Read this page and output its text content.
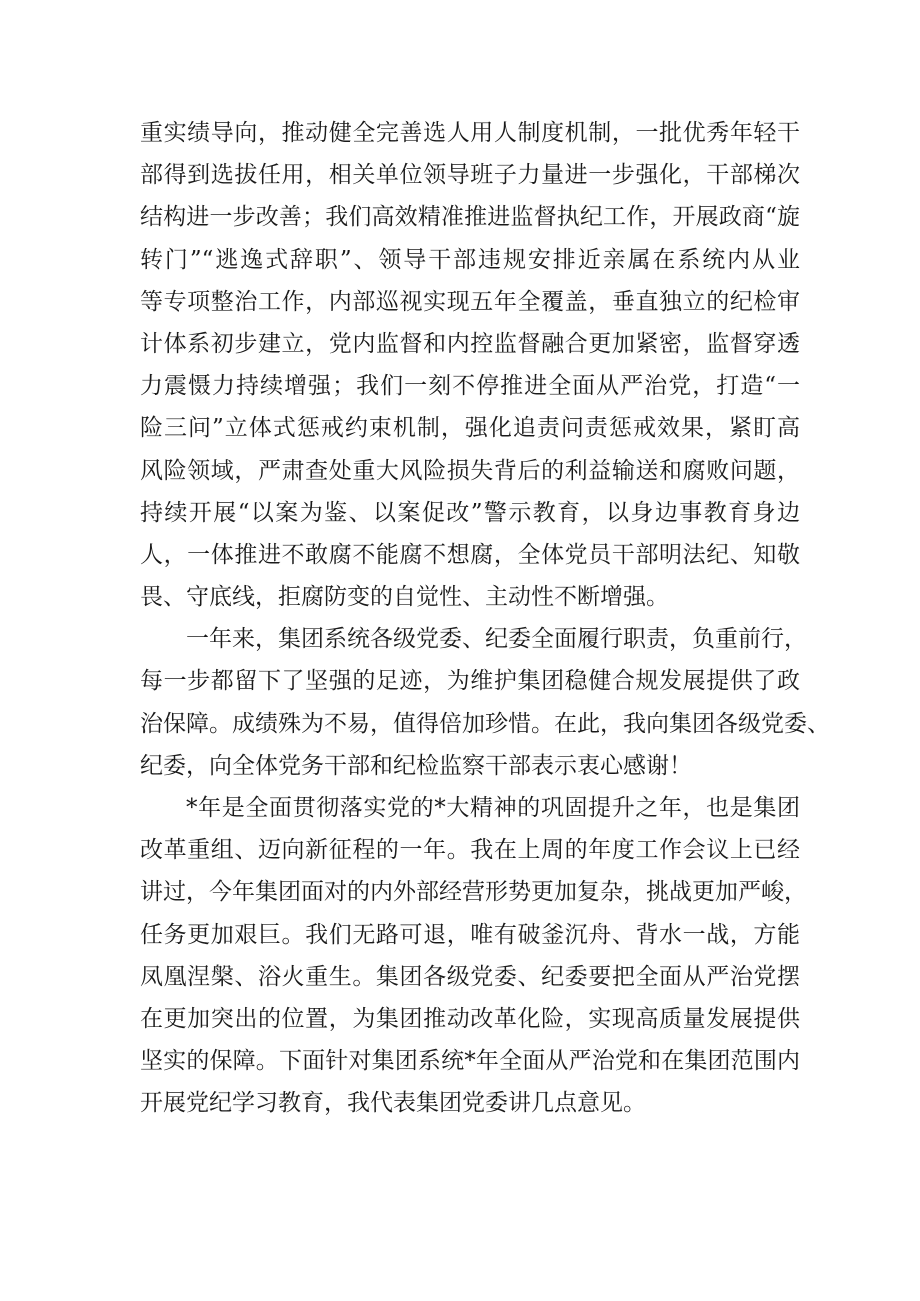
重实绩导向，推动健全完善选人用人制度机制，一批优秀年轻干
部得到选拔任用，相关单位领导班子力量进一步强化，干部梯次
结构进一步改善；我们高效精准推进监督执纪工作，开展政商“旋
转门”“逃逸式辞职”、领导干部违规安排近亲属在系统内从业
等专项整治工作，内部巡视实现五年全覆盖，垂直独立的纪检审
计体系初步建立，党内监督和内控监督融合更加紧密，监督穿透
力震慑力持续增强；我们一刻不停推进全面从严治党，打造“一
险三问”立体式惩戒约束机制，强化追责问责惩戒效果，紧盯高
风险领域，严肃查处重大风险损失背后的利益输送和腐败问题，
持续开展“以案为鉴、以案促改”警示教育，以身边事教育身边
人，一体推进不敢腐不能腐不想腐，全体党员干部明法纪、知敬
畏、守底线，拒腐防变的自觉性、主动性不断增强。
一年来，集团系统各级党委、纪委全面履行职责，负重前行，
每一步都留下了坚强的足迹，为维护集团稳健合规发展提供了政
治保障。成绩殊为不易，值得倍加珍惜。在此，我向集团各级党委、
纪委，向全体党务干部和纪检监察干部表示衷心感谢！
*年是全面贯彻落实党的*大精神的巩固提升之年，也是集团
改革重组、迈向新征程的一年。我在上周的年度工作会议上已经
讲过，今年集团面对的内外部经营形势更加复杂，挑战更加严峻，
任务更加艰巨。我们无路可退，唯有破釜沉舟、背水一战，方能
凤凰涅槃、浴火重生。集团各级党委、纪委要把全面从严治党摆
在更加突出的位置，为集团推动改革化险，实现高质量发展提供
坚实的保障。下面针对集团系统*年全面从严治党和在集团范围内
开展党纪学习教育，我代表集团党委讲几点意见。
